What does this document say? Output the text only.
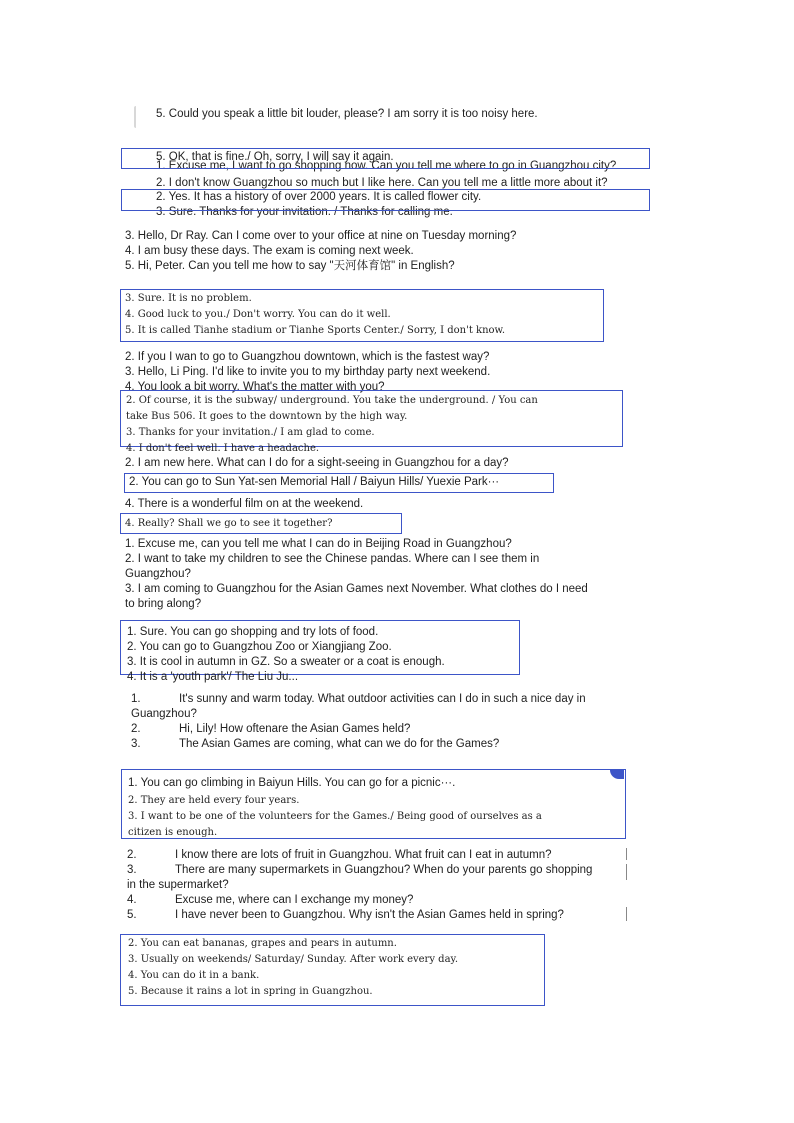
5. Could you speak a little bit louder, please? I am sorry it is too noisy here.
1. Excuse me, I want to go shopping now. Can you tell me where to go in Guangzhou city?
5. OK, that is fine./ Oh, sorry. I will say it again.
2. I don't know Guangzhou so much but I like here. Can you tell me a little more about it?
3. Sure. Thanks for your invitation. / Thanks for calling me.
2. Yes. It has a history of over 2000 years. It is called flower city.
3. Hello, Dr Ray. Can I come over to your office at nine on Tuesday morning?
4. I am busy these days. The exam is coming next week.
5. Hi, Peter. Can you tell me how to say "天河体育馆" in English?
3. Sure. It is no problem.
4. Good luck to you./ Don't worry. You can do it well.
5. It is called Tianhe stadium or Tianhe Sports Center./ Sorry, I don't know.
2. If you I wan to go to Guangzhou downtown, which is the fastest way?
3. Hello, Li Ping. I'd like to invite you to my birthday party next weekend.
4. You look a bit worry. What's the matter with you?
2. Of course, it is the subway/ underground. You take the underground. / You can
take Bus 506. It goes to the downtown by the high way.
3. Thanks for your invitation./ I am glad to come.
4. I don't feel well. I have a headache.
2. I am new here. What can I do for a sight-seeing in Guangzhou for a day?
2. You can go to Sun Yat-sen Memorial Hall / Baiyun Hills/ Yuexie Park···
4. There is a wonderful film on at the weekend.
4. Really? Shall we go to see it together?
1. Excuse me, can you tell me what I can do in Beijing Road in Guangzhou?
2. I want to take my children to see the Chinese pandas. Where can I see them in
Guangzhou?
3. I am coming to Guangzhou for the Asian Games next November. What clothes do I need
to bring along?
1. Sure. You can go shopping and try lots of food.
2. You can go to Guangzhou Zoo or Xiangjiang Zoo.
3. It is cool in autumn in GZ. So a sweater or a coat is enough.
4. It is a 'youth park'/ The Liu Ju...
1.	It's sunny and warm today. What outdoor activities can I do in such a nice day in
Guangzhou?
2.	Hi, Lily! How oftenare the Asian Games held?
3.	The Asian Games are coming, what can we do for the Games?
1. You can go climbing in Baiyun Hills. You can go for a picnic···.
2. They are held every four years.
3. I want to be one of the volunteers for the Games./ Being good of ourselves as a
citizen is enough.
2.	I know there are lots of fruit in Guangzhou. What fruit can I eat in autumn?
3.	There are many supermarkets in Guangzhou? When do your parents go shopping
in the supermarket?
4.	Excuse me, where can I exchange my money?
5.	I have never been to Guangzhou. Why isn't the Asian Games held in spring?
2. You can eat bananas, grapes and pears in autumn.
3. Usually on weekends/ Saturday/ Sunday. After work every day.
4. You can do it in a bank.
5. Because it rains a lot in spring in Guangzhou.
